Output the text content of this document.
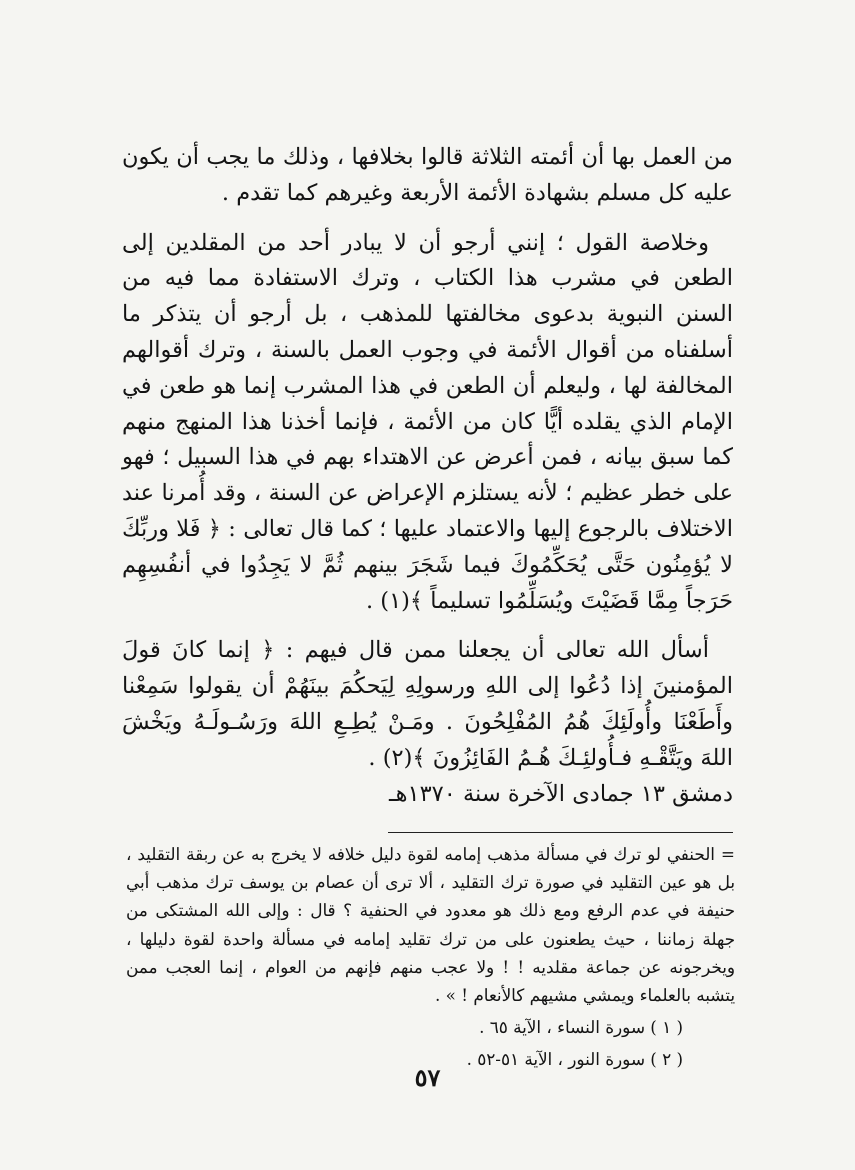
من العمل بها أن أئمته الثلاثة قالوا بخلافها ، وذلك ما يجب أن يكون عليه كل مسلم بشهادة الأئمة الأربعة وغيرهم كما تقدم .

وخلاصة القول ؛ إنني أرجو أن لا يبادر أحد من المقلدين إلى الطعن في مشرب هذا الكتاب ، وترك الاستفادة مما فيه من السنن النبوية بدعوى مخالفتها للمذهب ، بل أرجو أن يتذكر ما أسلفناه من أقوال الأئمة في وجوب العمل بالسنة ، وترك أقوالهم المخالفة لها ، وليعلم أن الطعن في هذا المشرب إنما هو طعن في الإمام الذي يقلده أيًّا كان من الأئمة ، فإنما أخذنا هذا المنهج منهم كما سبق بيانه ، فمن أعرض عن الاهتداء بهم في هذا السبيل ؛ فهو على خطر عظيم ؛ لأنه يستلزم الإعراض عن السنة ، وقد أُمرنا عند الاختلاف بالرجوع إليها والاعتماد عليها ؛ كما قال تعالى : ﴿ فَلا وربِّكَ لا يُؤمِنُون حَتَّى يُحَكِّمُوكَ فيما شَجَرَ بينهم ثُمَّ لا يَجِدُوا في أنفُسِهِم حَرَجاً مِمَّا قَضَيْتَ ويُسَلِّمُوا تسليماً ﴾(١) .

أسأل الله تعالى أن يجعلنا ممن قال فيهم : ﴿ إنما كانَ قولَ المؤمنينَ إذا دُعُوا إلى اللهِ ورسولِهِ لِيَحكُمَ بينَهُمْ أن يقولوا سَمِعْنا وأَطَعْنَا وأُولَئِكَ هُمُ المُفْلِحُونَ . ومَـنْ يُطِـعِ اللهَ ورَسُـولَـهُ ويَخْشَ اللهَ ويَتَّقْـهِ فـأُولئِـكَ هُـمُ الفَائِزُونَ ﴾(٢) .

دمشق ١٣ جمادى الآخرة سنة ١٣٧٠هـ

= الحنفي لو ترك في مسألة مذهب إمامه لقوة دليل خلافه لا يخرج به عن ربقة التقليد ، بل هو عين التقليد في صورة ترك التقليد ، ألا ترى أن عصام بن يوسف ترك مذهب أبي حنيفة في عدم الرفع ومع ذلك هو معدود في الحنفية ؟ قال : وإلى الله المشتكى من جهلة زماننا ، حيث يطعنون على من ترك تقليد إمامه في مسألة واحدة لقوة دليلها ، ويخرجونه عن جماعة مقلديه ! ! ولا عجب منهم فإنهم من العوام ، إنما العجب ممن يتشبه بالعلماء ويمشي مشيهم كالأنعام ! » .

( ١ ) سورة النساء ، الآية ٦٥ .

( ٢ ) سورة النور ، الآية ٥١-٥٢ .

٥٧
